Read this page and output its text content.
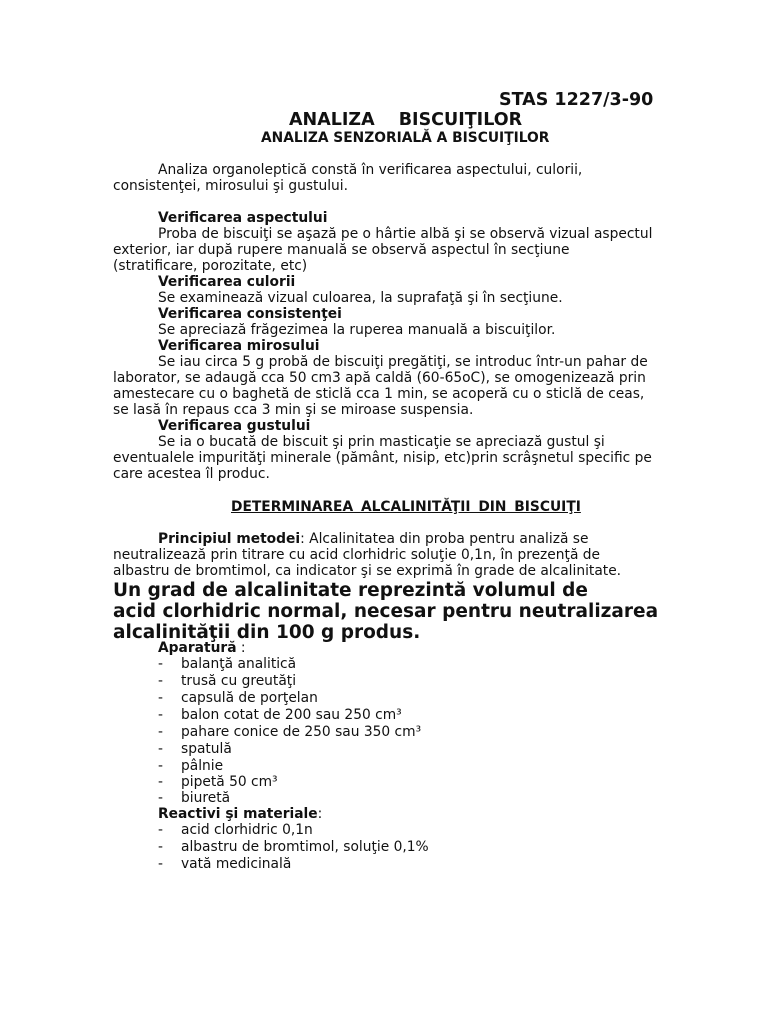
STAS 1227/3-90
ANALIZA BISCUIŢILOR
ANALIZA SENZORIALĂ A BISCUIŢILOR
Analiza organoleptică constă în verificarea aspectului, culorii,
consistenţei, mirosului şi gustului.
Verificarea aspectului
Proba de biscuiţi se aşază pe o hârtie albă şi se observă vizual aspectul
exterior, iar după rupere manuală se observă aspectul în secţiune
(stratificare, porozitate, etc)
Verificarea culorii
Se examinează vizual culoarea, la suprafaţă şi în secţiune.
Verificarea consistenţei
Se apreciază frăgezimea la ruperea manuală a biscuiţilor.
Verificarea mirosului
Se iau circa 5 g probă de biscuiţi pregătiţi, se introduc într-un pahar de
laborator, se adaugă cca 50 cm3 apă caldă (60-65oC), se omogenizează prin
amestecare cu o baghetă de sticlă cca 1 min, se acoperă cu o sticlă de ceas,
se lasă în repaus cca 3 min şi se miroase suspensia.
Verificarea gustului
Se ia o bucată de biscuit şi prin masticaţie se apreciază gustul şi
eventualele impurităţi minerale (pământ, nisip, etc)prin scrâşnetul specific pe
care acestea îl produc.
DETERMINAREA ALCALINITĂŢII DIN BISCUIŢI
Principiul metodei: Alcalinitatea din proba pentru analiză se
neutralizează prin titrare cu acid clorhidric soluţie 0,1n, în prezenţă de
albastru de bromtimol, ca indicator şi se exprimă în grade de alcalinitate.
Un grad de alcalinitate reprezintă volumul de
acid clorhidric normal, necesar pentru neutralizarea
alcalinităţii din 100 g produs.
Aparatură :
- balanţă analitică
- trusă cu greutăţi
- capsulă de porţelan
- balon cotat de 200 sau 250 cm³
- pahare conice de 250 sau 350 cm³
- spatulă
- pâlnie
- pipetă 50 cm³
- biuretă
Reactivi şi materiale:
- acid clorhidric 0,1n
- albastru de bromtimol, soluţie 0,1%
- vată medicinală
